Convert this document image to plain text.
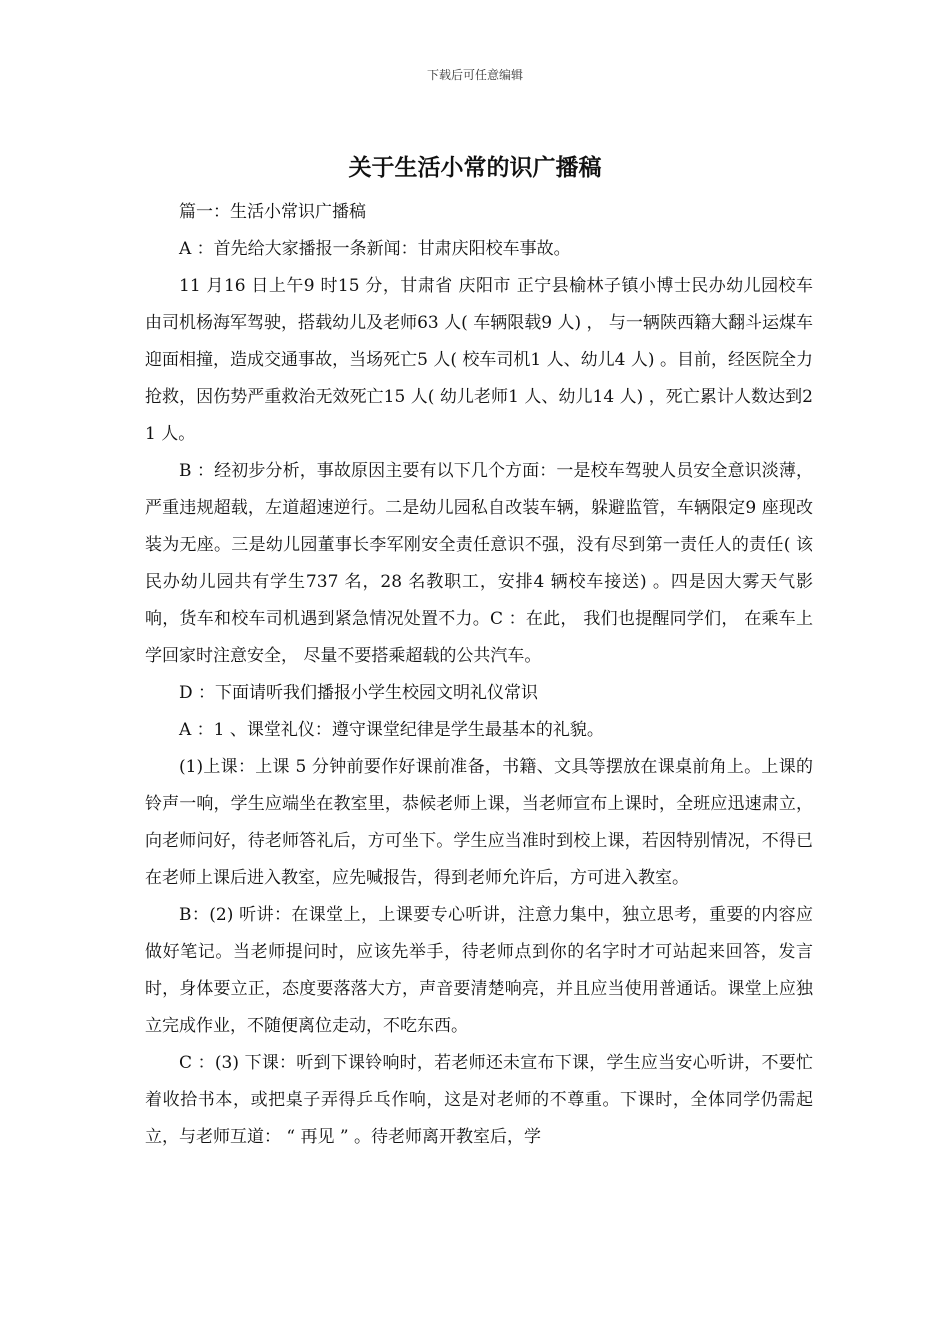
下载后可任意编辑
关于生活小常的识广播稿

篇一：生活小常识广播稿

A ：首先给大家播报一条新闻：甘肃庆阳校车事故。

11 月16 日上午9 时15 分，甘肃省 庆阳市 正宁县榆林子镇小博士民办幼儿园校车由司机杨海军驾驶，搭载幼儿及老师63 人( 车辆限载9 人) ， 与一辆陕西籍大翻斗运煤车 迎面相撞，造成交通事故，当场死亡5 人( 校车司机1 人、幼儿4 人) 。目前，经医院全力抢救，因伤势严重救治无效死亡15 人( 幼儿老师1 人、幼儿14 人) ，死亡累计人数达到21 人。

B ：经初步分析，事故原因主要有以下几个方面：一是校车驾驶人员安全意识淡薄，严重违规超载，左道超速逆行。二是幼儿园私自改装车辆，躲避监管，车辆限定9 座现改装为无座。三是幼儿园董事长李军刚安全责任意识不强，没有尽到第一责任人的责任( 该民办幼儿园共有学生737 名，28 名教职工，安排4 辆校车接送) 。四是因大雾天气影响，货车和校车司机遇到紧急情况处置不力。C ：在此， 我们也提醒同学们， 在乘车上学回家时注意安全， 尽量不要搭乘超载的公共汽车。

D ：下面请听我们播报小学生校园文明礼仪常识

A ：1 、课堂礼仪：遵守课堂纪律是学生最基本的礼貌。

(1)上课：上课 5 分钟前要作好课前准备，书籍、文具等摆放在课桌前角上。上课的铃声一响，学生应端坐在教室里，恭候老师上课，当老师宣布上课时，全班应迅速肃立，向老师问好，待老师答礼后，方可坐下。学生应当准时到校上课，若因特别情况，不得已在老师上课后进入教室，应先喊报告，得到老师允许后，方可进入教室。

B：(2) 听讲：在课堂上，上课要专心听讲，注意力集中，独立思考，重要的内容应做好笔记。当老师提问时，应该先举手，待老师点到你的名字时才可站起来回答，发言时，身体要立正，态度要落落大方，声音要清楚响亮，并且应当使用普通话。课堂上应独立完成作业，不随便离位走动，不吃东西。

C ：(3) 下课：听到下课铃响时，若老师还未宣布下课，学生应当安心听讲，不要忙着收拾书本，或把桌子弄得乒乓作响，这是对老师的不尊重。下课时，全体同学仍需起立，与老师互道： “ 再见 ” 。待老师离开教室后，学
